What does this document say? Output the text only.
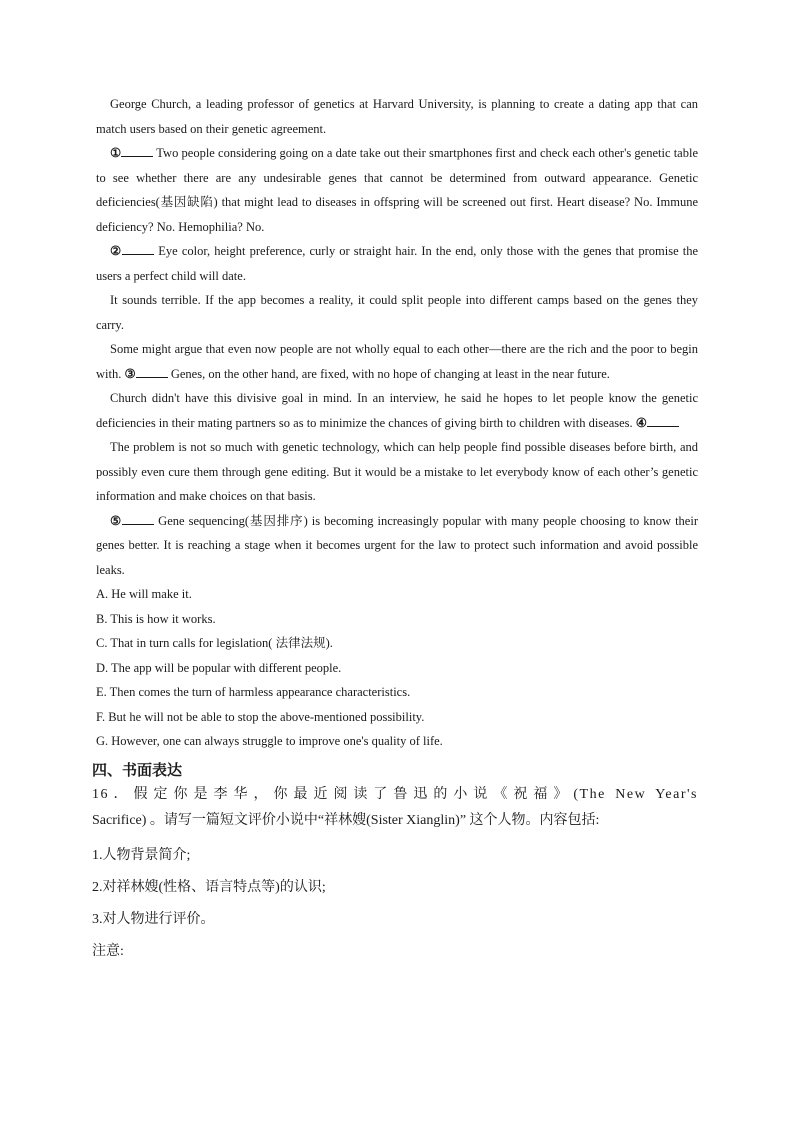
George Church, a leading professor of genetics at Harvard University, is planning to create a dating app that can match users based on their genetic agreement.

①	Two people considering going on a date take out their smartphones first and check each other's genetic table to see whether there are any undesirable genes that cannot be determined from outward appearance. Genetic deficiencies(基因缺陷) that might lead to diseases in offspring will be screened out first. Heart disease? No. Immune deficiency? No. Hemophilia? No.

②	Eye color, height preference, curly or straight hair. In the end, only those with the genes that promise the users a perfect child will date.

It sounds terrible. If the app becomes a reality, it could split people into different camps based on the genes they carry.

Some might argue that even now people are not wholly equal to each other—there are the rich and the poor to begin with. ③	Genes, on the other hand, are fixed, with no hope of changing at least in the near future.

Church didn't have this divisive goal in mind. In an interview, he said he hopes to let people know the genetic deficiencies in their mating partners so as to minimize the chances of giving birth to children with diseases. ④

The problem is not so much with genetic technology, which can help people find possible diseases before birth, and possibly even cure them through gene editing. But it would be a mistake to let everybody know of each other’s genetic information and make choices on that basis.

⑤	Gene sequencing(基因排序) is becoming increasingly popular with many people choosing to know their genes better. It is reaching a stage when it becomes urgent for the law to protect such information and avoid possible leaks.

A. He will make it.

B. This is how it works.

C. That in turn calls for legislation( 法律法规).

D. The app will be popular with different people.

E. Then comes the turn of harmless appearance characteristics.

F. But he will not be able to stop the above-mentioned possibility.

G. However, one can always struggle to improve one's quality of life.

四、书面表达

16．假定你是李华，你最近阅读了鲁迅的小说《祝福》(The New Year's

Sacrifice) 。请写一篇短文评价小说中“祥林嫂(Sister Xianglin)” 这个人物。内容包括:

1.人物背景简介;

2.对祥林嫂(性格、语言特点等)的认识;

3.对人物进行评价。

注意:
